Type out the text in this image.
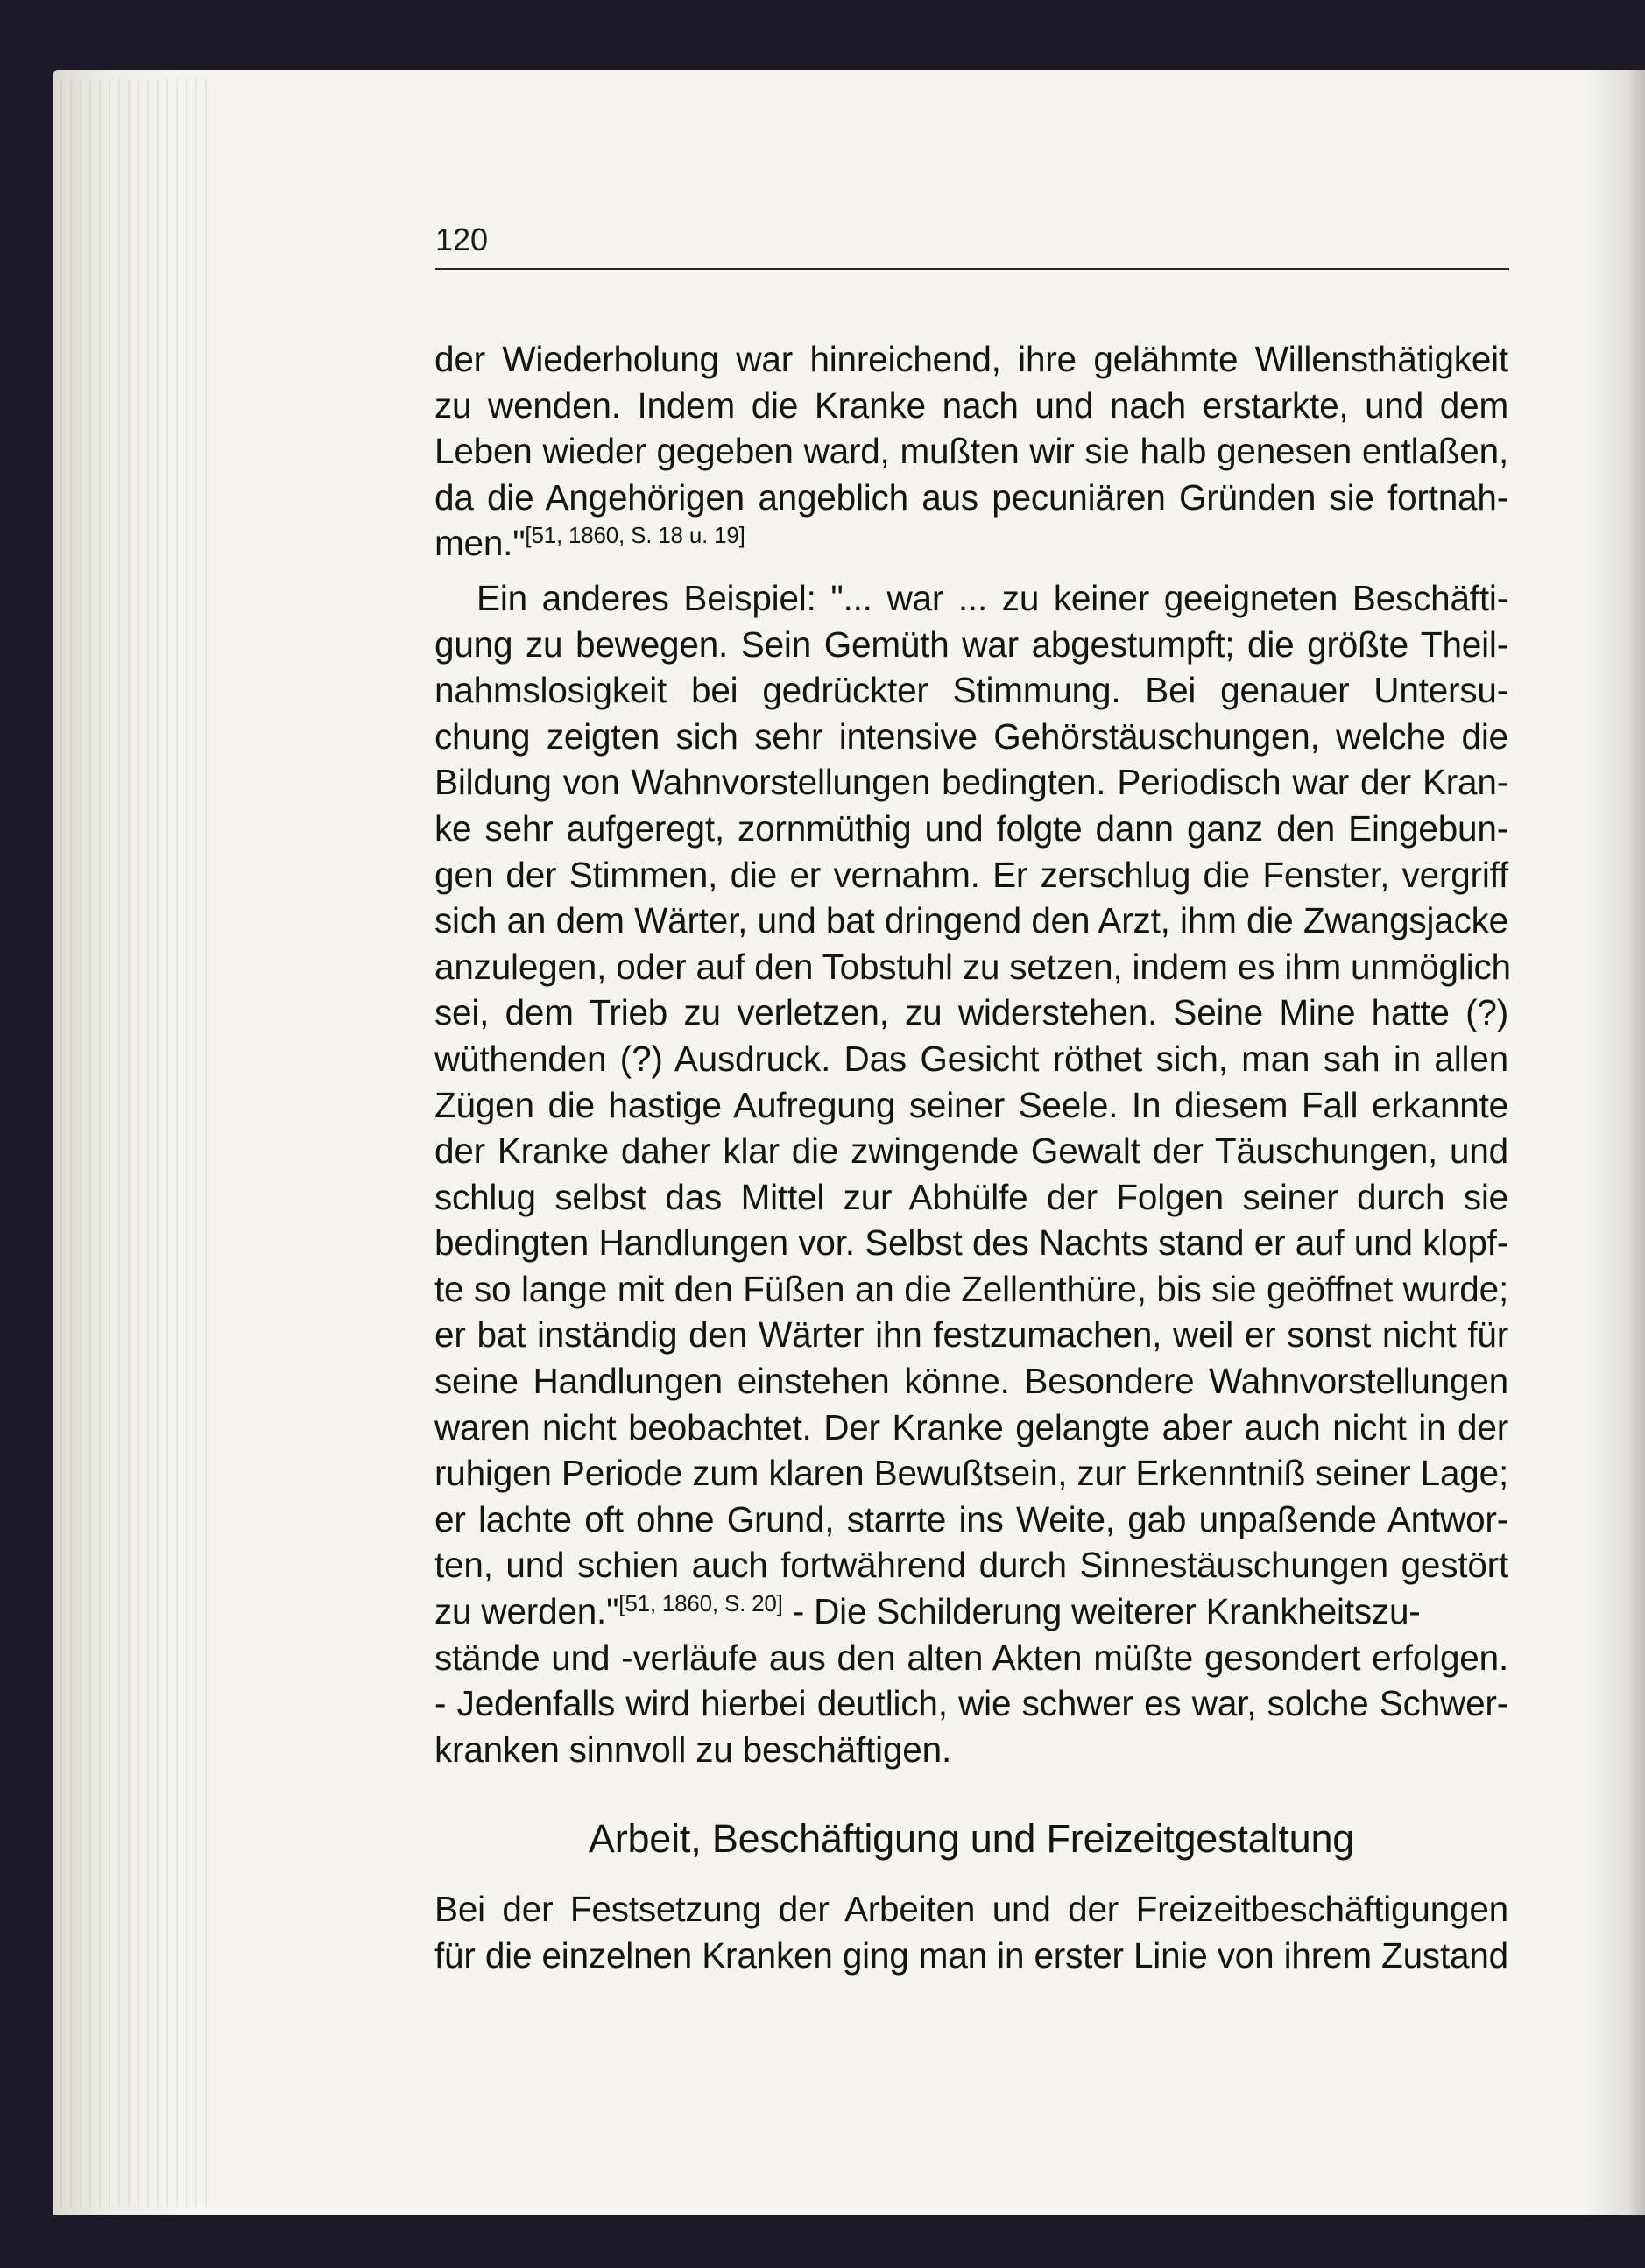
120
der Wiederholung war hinreichend, ihre gelähmte Willensthätigkeit
zu wenden. Indem die Kranke nach und nach erstarkte, und dem
Leben wieder gegeben ward, mußten wir sie halb genesen entlaßen,
da die Angehörigen angeblich aus pecuniären Gründen sie fortnah-
men."[51, 1860, S. 18 u. 19]
Ein anderes Beispiel: "... war ... zu keiner geeigneten Beschäfti-
gung zu bewegen. Sein Gemüth war abgestumpft; die größte Theil-
nahmslosigkeit bei gedrückter Stimmung. Bei genauer Untersu-
chung zeigten sich sehr intensive Gehörstäuschungen, welche die
Bildung von Wahnvorstellungen bedingten. Periodisch war der Kran-
ke sehr aufgeregt, zornmüthig und folgte dann ganz den Eingebun-
gen der Stimmen, die er vernahm. Er zerschlug die Fenster, vergriff
sich an dem Wärter, und bat dringend den Arzt, ihm die Zwangsjacke
anzulegen, oder auf den Tobstuhl zu setzen, indem es ihm unmöglich
sei, dem Trieb zu verletzen, zu widerstehen. Seine Mine hatte (?)
wüthenden (?) Ausdruck. Das Gesicht röthet sich, man sah in allen
Zügen die hastige Aufregung seiner Seele. In diesem Fall erkannte
der Kranke daher klar die zwingende Gewalt der Täuschungen, und
schlug selbst das Mittel zur Abhülfe der Folgen seiner durch sie
bedingten Handlungen vor. Selbst des Nachts stand er auf und klopf-
te so lange mit den Füßen an die Zellenthüre, bis sie geöffnet wurde;
er bat inständig den Wärter ihn festzumachen, weil er sonst nicht für
seine Handlungen einstehen könne. Besondere Wahnvorstellungen
waren nicht beobachtet. Der Kranke gelangte aber auch nicht in der
ruhigen Periode zum klaren Bewußtsein, zur Erkenntniß seiner Lage;
er lachte oft ohne Grund, starrte ins Weite, gab unpaßende Antwor-
ten, und schien auch fortwährend durch Sinnestäuschungen gestört
zu werden."[51, 1860, S. 20] - Die Schilderung weiterer Krankheitszu-
stände und -verläufe aus den alten Akten müßte gesondert erfolgen.
- Jedenfalls wird hierbei deutlich, wie schwer es war, solche Schwer-
kranken sinnvoll zu beschäftigen.
Arbeit, Beschäftigung und Freizeitgestaltung
Bei der Festsetzung der Arbeiten und der Freizeitbeschäftigungen
für die einzelnen Kranken ging man in erster Linie von ihrem Zustand
